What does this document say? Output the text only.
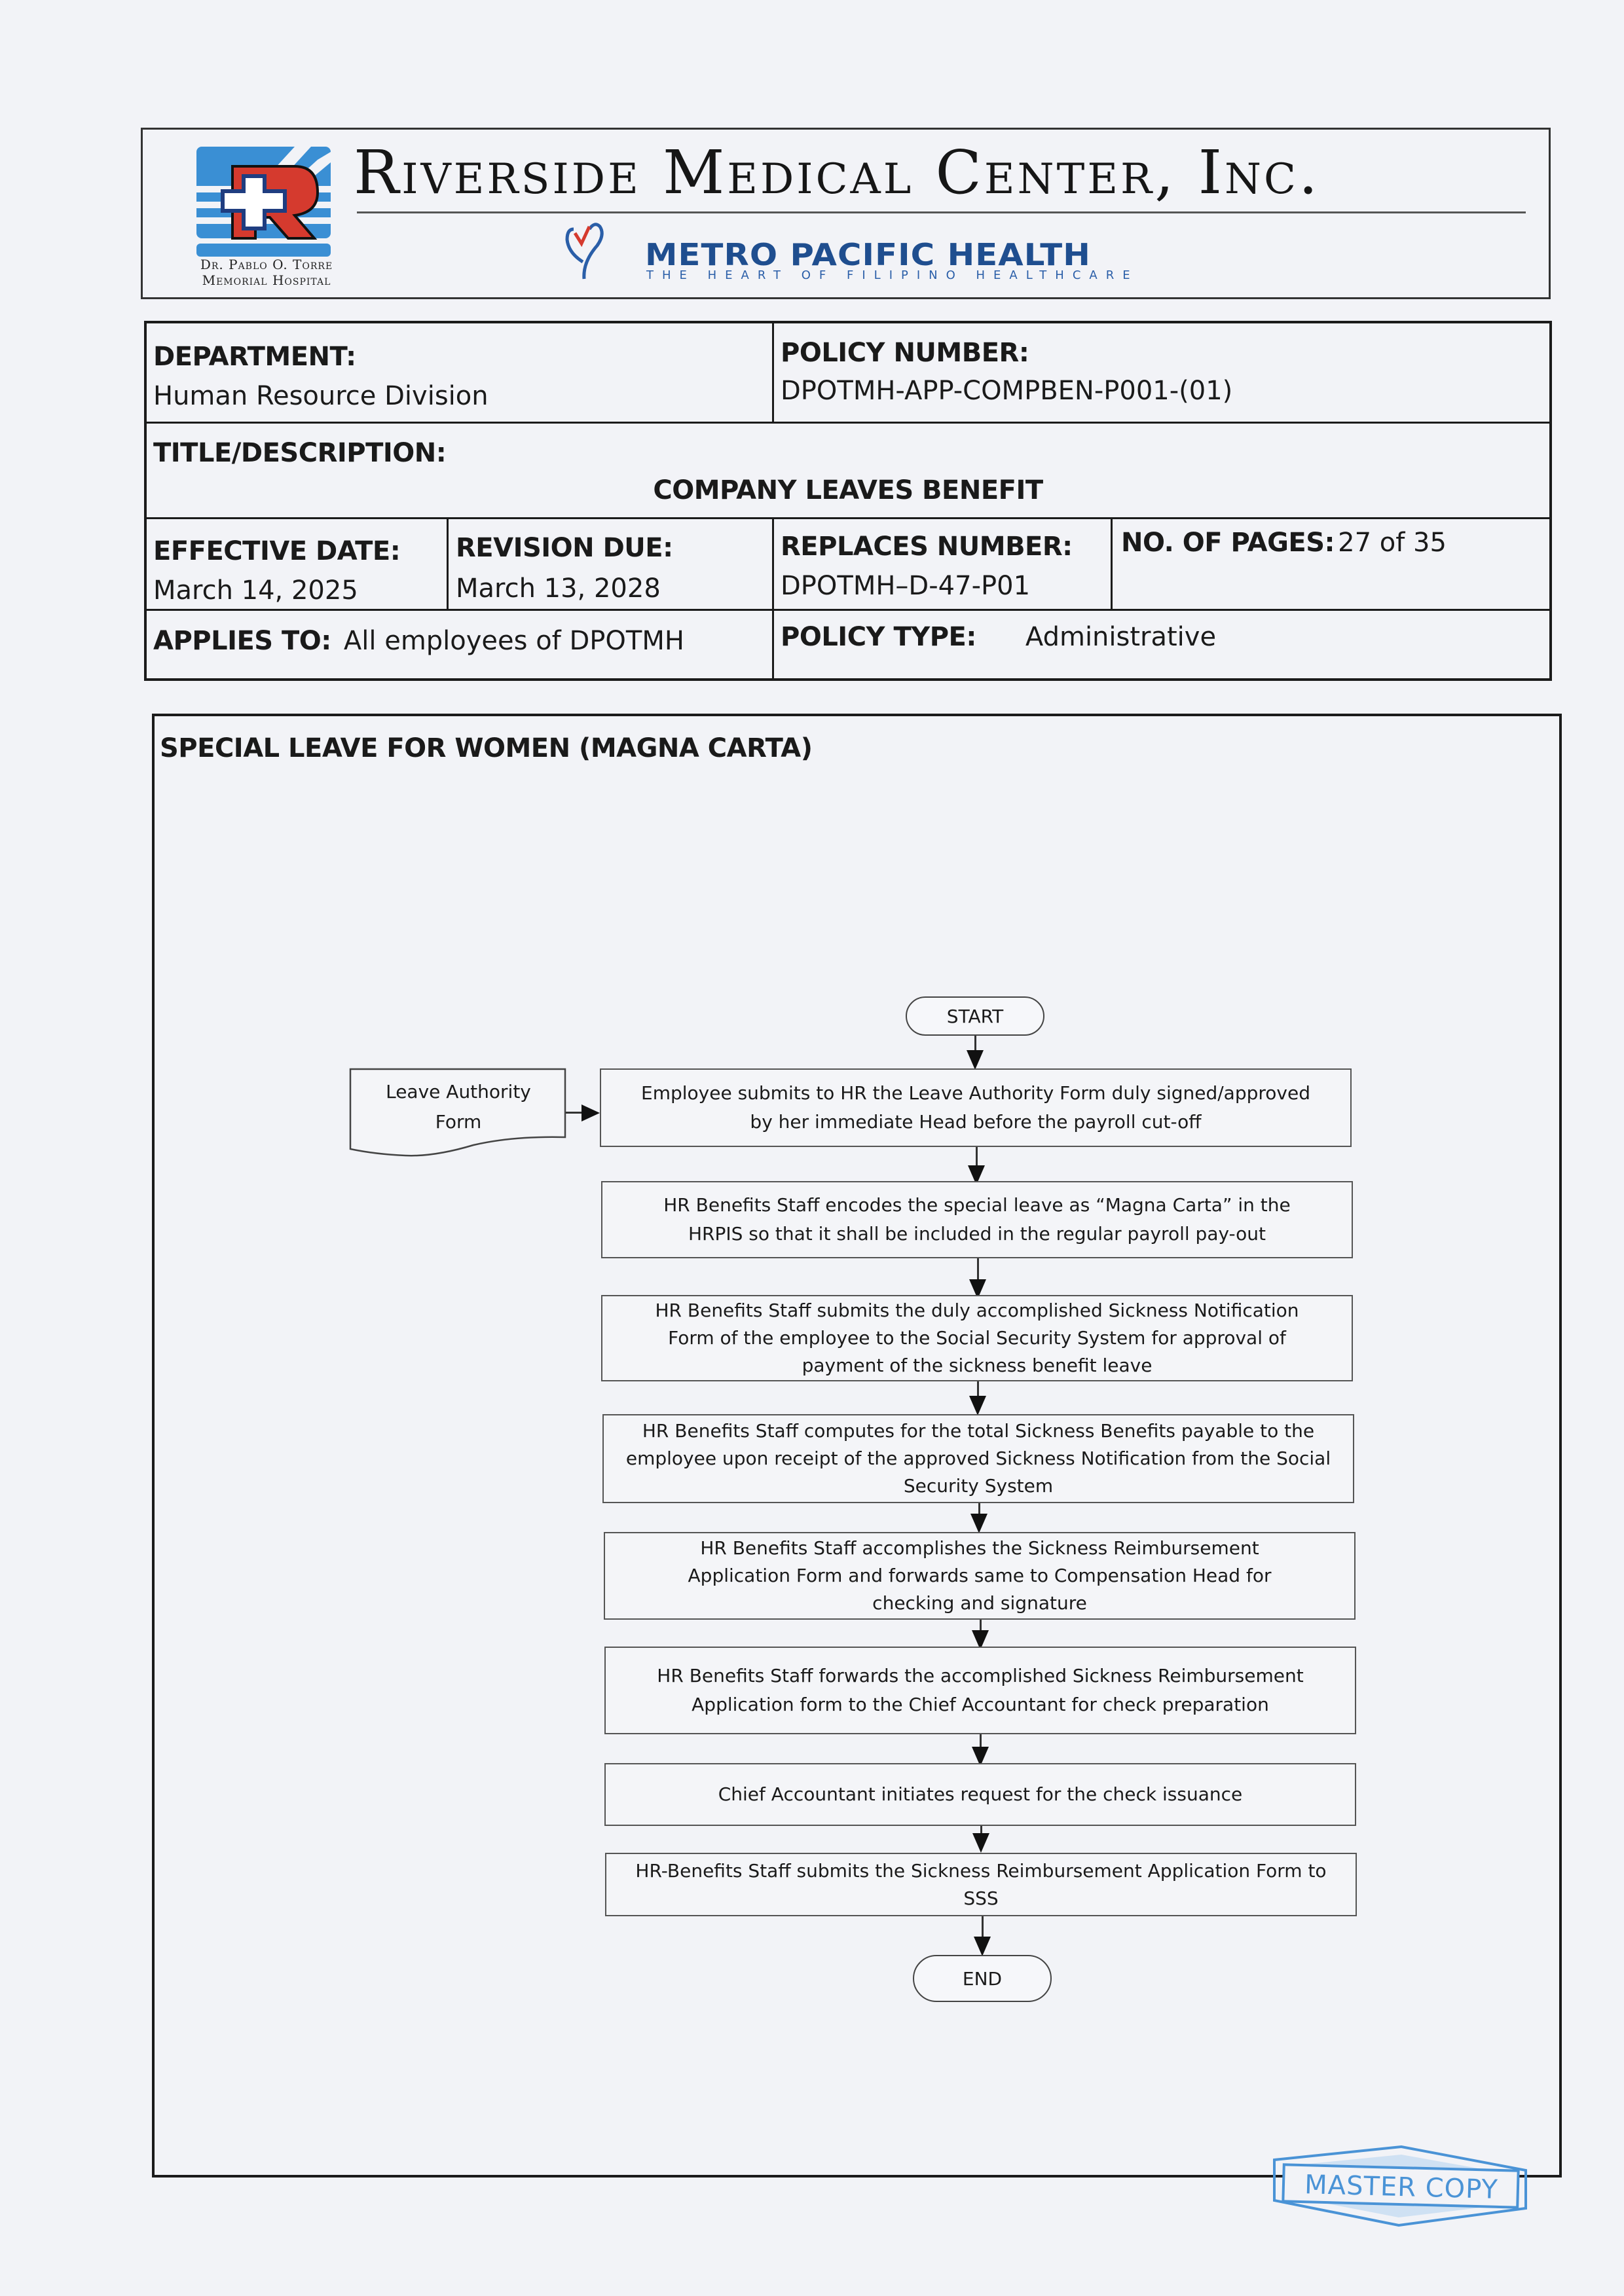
Dr. Pablo O. Torre
Memorial Hospital
Riverside Medical Center, Inc.
METRO PACIFIC HEALTH
THE HEART OF FILIPINO HEALTHCARE
DEPARTMENT:
Human Resource Division
POLICY NUMBER:
DPOTMH-APP-COMPBEN-P001-(01)
TITLE/DESCRIPTION:
COMPANY LEAVES BENEFIT
EFFECTIVE DATE:
March 14, 2025
REVISION DUE:
March 13, 2028
REPLACES NUMBER:
DPOTMH–D-47-P01
NO. OF PAGES: 27 of 35
APPLIES TO: All employees of DPOTMH	POLICY TYPE: Administrative
SPECIAL LEAVE FOR WOMEN (MAGNA CARTA)
START
Leave Authority
Form
Employee submits to HR the Leave Authority Form duly signed/approved by her immediate Head before the payroll cut-off
HR Benefits Staff encodes the special leave as “Magna Carta” in the HRPIS so that it shall be included in the regular payroll pay-out
HR Benefits Staff submits the duly accomplished Sickness Notification Form of the employee to the Social Security System for approval of payment of the sickness benefit leave
HR Benefits Staff computes for the total Sickness Benefits payable to the employee upon receipt of the approved Sickness Notification from the Social Security System
HR Benefits Staff accomplishes the Sickness Reimbursement Application Form and forwards same to Compensation Head for checking and signature
HR Benefits Staff forwards the accomplished Sickness Reimbursement Application form to the Chief Accountant for check preparation
Chief Accountant initiates request for the check issuance
HR-Benefits Staff submits the Sickness Reimbursement Application Form to SSS
END
MASTER COPY
